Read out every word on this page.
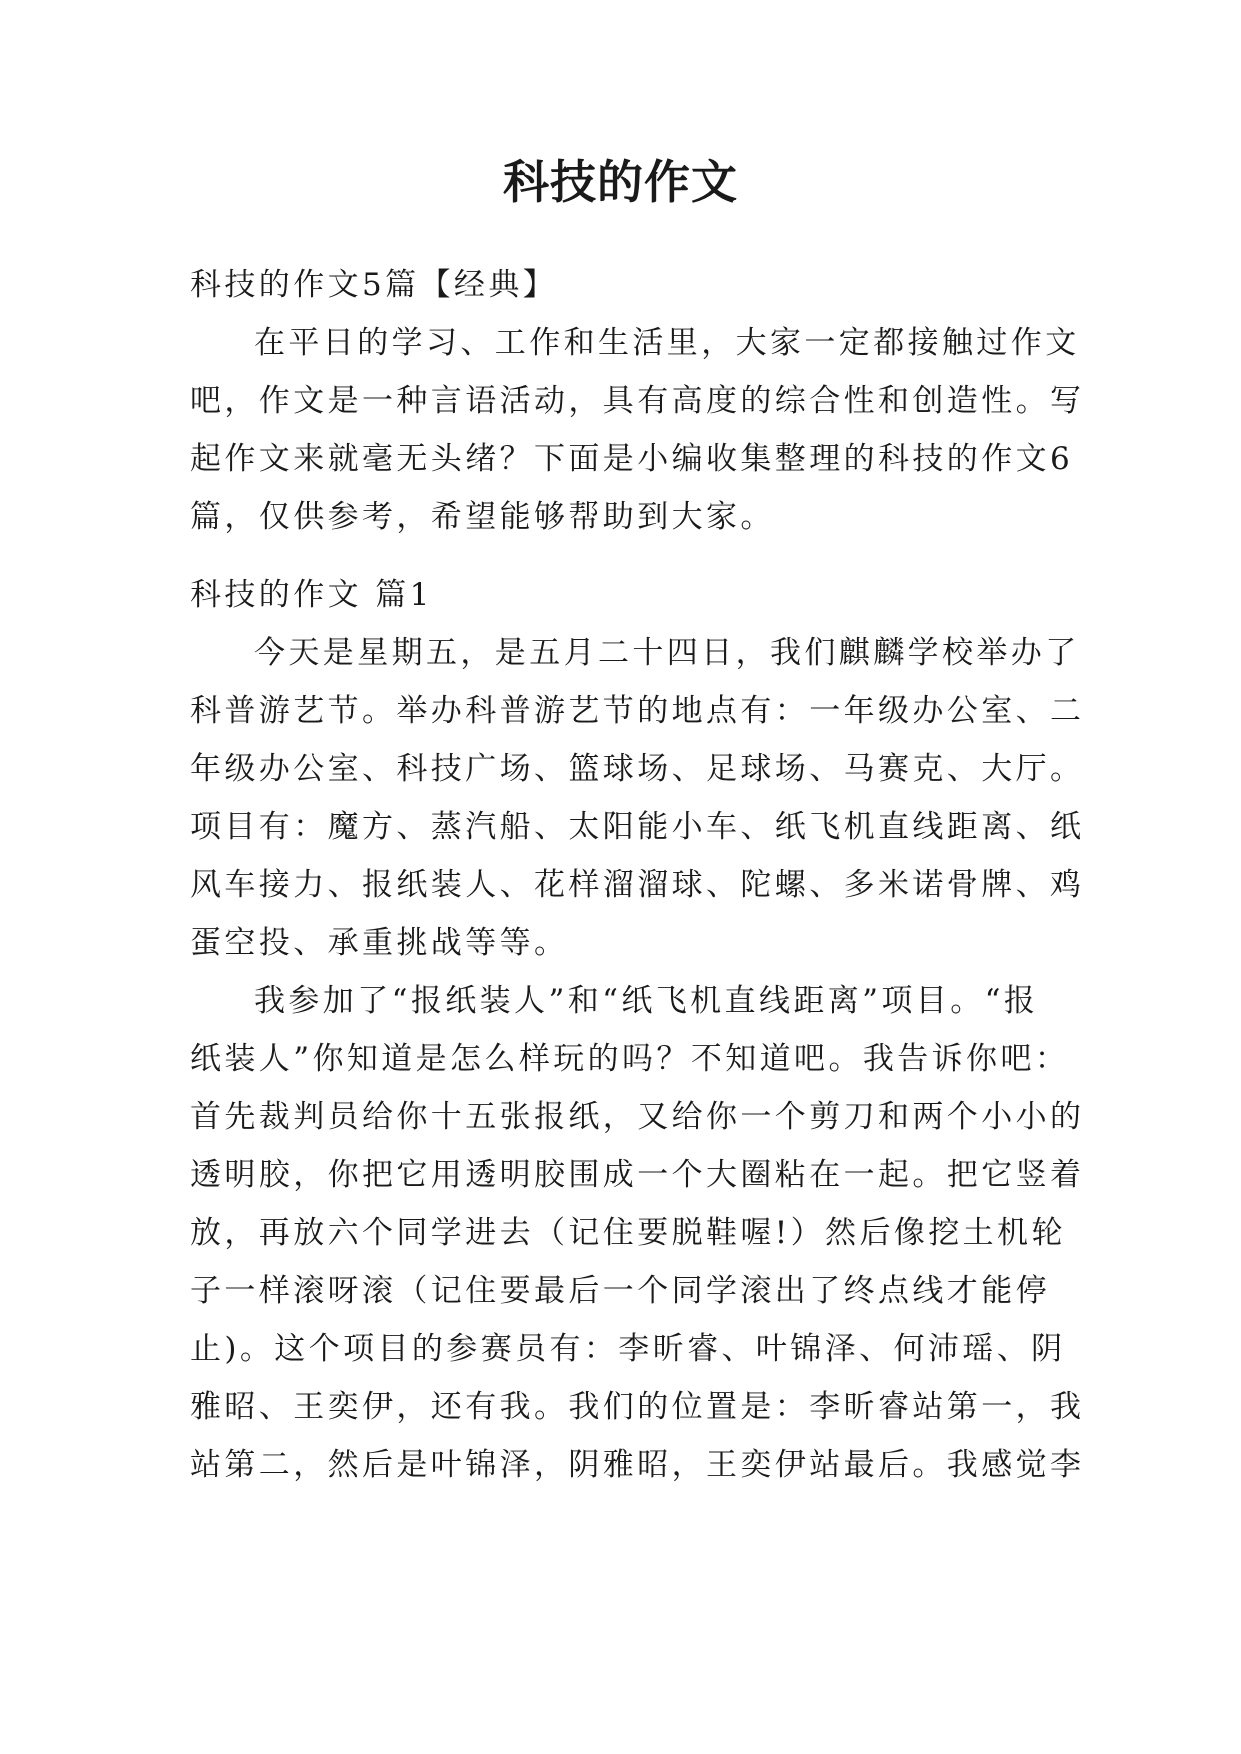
科技的作文
科技的作文5篇【经典】
在平日的学习、工作和生活里，大家一定都接触过作文
吧，作文是一种言语活动，具有高度的综合性和创造性。写
起作文来就毫无头绪？下面是小编收集整理的科技的作文6
篇，仅供参考，希望能够帮助到大家。
科技的作文 篇1
今天是星期五，是五月二十四日，我们麒麟学校举办了
科普游艺节。举办科普游艺节的地点有：一年级办公室、二
年级办公室、科技广场、篮球场、足球场、马赛克、大厅。
项目有：魔方、蒸汽船、太阳能小车、纸飞机直线距离、纸
风车接力、报纸装人、花样溜溜球、陀螺、多米诺骨牌、鸡
蛋空投、承重挑战等等。
我参加了“报纸装人”和“纸飞机直线距离”项目。“报
纸装人”你知道是怎么样玩的吗？不知道吧。我告诉你吧：
首先裁判员给你十五张报纸，又给你一个剪刀和两个小小的
透明胶，你把它用透明胶围成一个大圈粘在一起。把它竖着
放，再放六个同学进去（记住要脱鞋喔!）然后像挖土机轮
子一样滚呀滚（记住要最后一个同学滚出了终点线才能停
止)。这个项目的参赛员有：李昕睿、叶锦泽、何沛瑶、阴
雅昭、王奕伊，还有我。我们的位置是：李昕睿站第一，我
站第二，然后是叶锦泽，阴雅昭，王奕伊站最后。我感觉李
